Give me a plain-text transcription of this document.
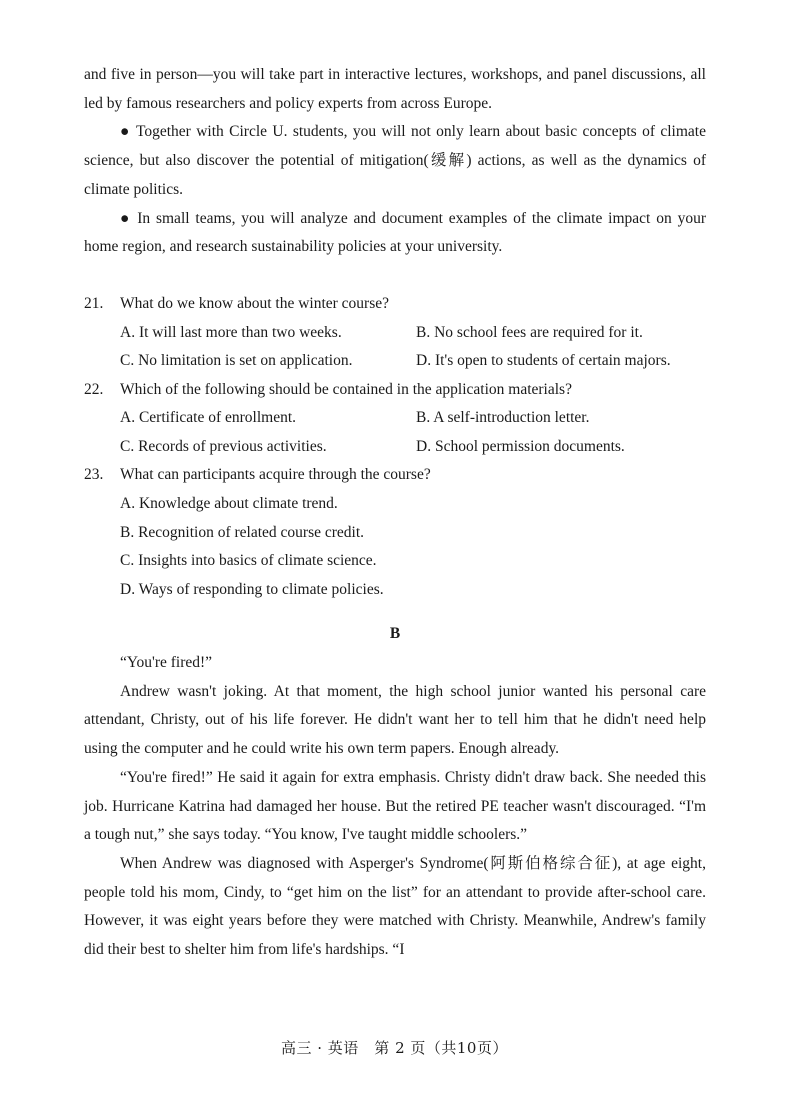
and five in person—you will take part in interactive lectures, workshops, and panel discussions, all led by famous researchers and policy experts from across Europe.

● Together with Circle U. students, you will not only learn about basic concepts of climate science, but also discover the potential of mitigation(缓解) actions, as well as the dynamics of climate politics.

● In small teams, you will analyze and document examples of the climate impact on your home region, and research sustainability policies at your university.

21.	What do we know about the winter course?
A. It will last more than two weeks.	B. No school fees are required for it.
C. No limitation is set on application.	D. It's open to students of certain majors.
22.	Which of the following should be contained in the application materials?
A. Certificate of enrollment.	B. A self-introduction letter.
C. Records of previous activities.	D. School permission documents.
23.	What can participants acquire through the course?
A. Knowledge about climate trend.
B. Recognition of related course credit.
C. Insights into basics of climate science.
D. Ways of responding to climate policies.
B

“You're fired!”

Andrew wasn't joking. At that moment, the high school junior wanted his personal care attendant, Christy, out of his life forever. He didn't want her to tell him that he didn't need help using the computer and he could write his own term papers. Enough already.

“You're fired!” He said it again for extra emphasis. Christy didn't draw back. She needed this job. Hurricane Katrina had damaged her house. But the retired PE teacher wasn't discouraged. “I'm a tough nut,” she says today. “You know, I've taught middle schoolers.”

When Andrew was diagnosed with Asperger's Syndrome(阿斯伯格综合征), at age eight, people told his mom, Cindy, to “get him on the list” for an attendant to provide after-school care. However, it was eight years before they were matched with Christy. Meanwhile, Andrew's family did their best to shelter him from life's hardships. “I

高三 · 英语　第 2 页（共10页）
